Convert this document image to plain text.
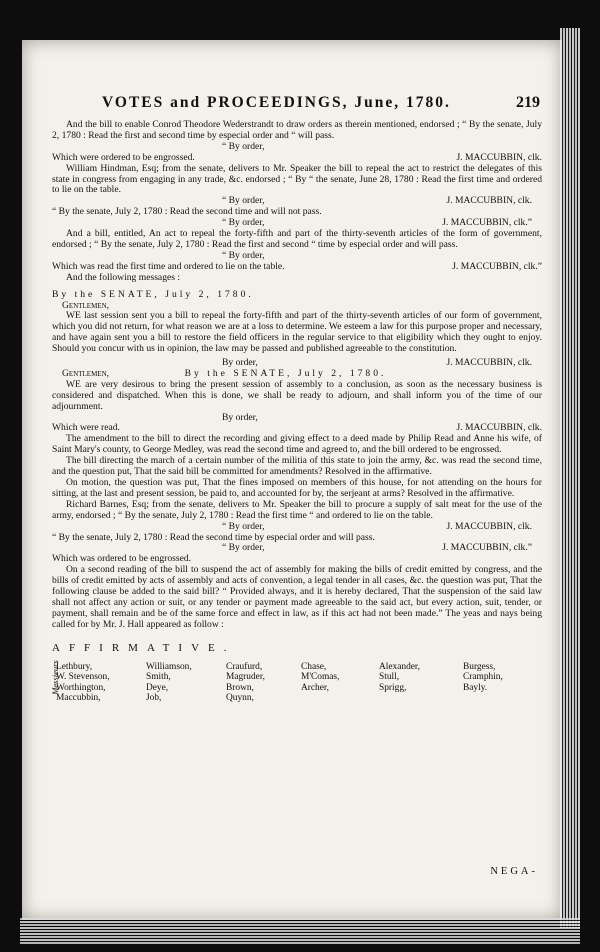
VOTES and PROCEEDINGS, June, 1780.	219

And the bill to enable Conrod Theodore Wederstrandt to draw orders as therein mentioned, endorsed ; “ By the senate, July 2, 1780 : Read the first and second time by especial order and “ will pass.

“ By order,
Which were ordered to be engrossed.	J. MACCUBBIN, clk.

William Hindman, Esq; from the senate, delivers to Mr. Speaker the bill to repeal the act to restrict the delegates of this state in congress from engaging in any trade, &c. endorsed ; “ By “ the senate, June 28, 1780 : Read the first time and ordered to lie on the table.

“ By order,	J. MACCUBBIN, clk.

“ By the senate, July 2, 1780 : Read the second time and will not pass.

“ By order,	J. MACCUBBIN, clk.”

And a bill, entitled, An act to repeal the forty-fifth and part of the thirty-seventh articles of the form of government, endorsed ; “ By the senate, July 2, 1780 : Read the first and second “ time by especial order and will pass.

“ By order,
Which was read the first time and ordered to lie on the table.	J. MACCUBBIN, clk.”

And the following messages :

By the SENATE, July 2, 1780.

Gentlemen,

WE last session sent you a bill to repeal the forty-fifth and part of the thirty-seventh articles of our form of government, which you did not return, for what reason we are at a loss to determine. We esteem a law for this purpose proper and necessary, and have again sent you a bill to restore the field officers in the regular service to that eligibility which they ought to enjoy. Should you concur with us in opinion, the law may be passed and published agreeable to the constitution.

By order,	J. MACCUBBIN, clk.
Gentlemen,	By the SENATE, July 2, 1780.

WE are very desirous to bring the present session of assembly to a conclusion, as soon as the necessary business is considered and dispatched. When this is done, we shall be ready to adjourn, and shall inform you of the time of our adjournment.

By order,
Which were read.	J. MACCUBBIN, clk.

The amendment to the bill to direct the recording and giving effect to a deed made by Philip Read and Anne his wife, of Saint Mary's county, to George Medley, was read the second time and agreed to, and the bill ordered to be engrossed.

The bill directing the march of a certain number of the militia of this state to join the army, &c. was read the second time, and the question put, That the said bill be committed for amendments? Resolved in the affirmative.

On motion, the question was put, That the fines imposed on members of this house, for not attending on the hours for sitting, at the last and present session, be paid to, and accounted for by, the serjeant at arms? Resolved in the affirmative.

Richard Barnes, Esq; from the senate, delivers to Mr. Speaker the bill to procure a supply of salt meat for the use of the army, endorsed ; “ By the senate, July 2, 1780 : Read the first time “ and ordered to lie on the table.

“ By order,	J. MACCUBBIN, clk.

“ By the senate, July 2, 1780 : Read the second time by especial order and will pass.

“ By order,	J. MACCUBBIN, clk.”

Which was ordered to be engrossed.

On a second reading of the bill to suspend the act of assembly for making the bills of credit emitted by congress, and the bills of credit emitted by acts of assembly and acts of convention, a legal tender in all cases, &c. the question was put, That the following clause be added to the said bill? “ Provided always, and it is hereby declared, That the suspension of the said law shall not affect any action or suit, or any tender or payment made agreeable to the said act, but every action, suit, tender, or payment, shall remain and be of the same force and effect in law, as if this act had not been made.” The yeas and nays being called for by Mr. J. Hall appeared as follow :

AFFIRMATIVE.

Messieurs
Lethbury,	Williamson,	Craufurd,	Chase,	Alexander,	Burgess,
W. Stevenson,	Smith,	Magruder,	M'Comas,	Stull,	Cramphin,
Worthington,	Deye,	Brown,	Archer,	Sprigg,	Bayly.
Maccubbin,	Job,	Quynn,
NEGA-
